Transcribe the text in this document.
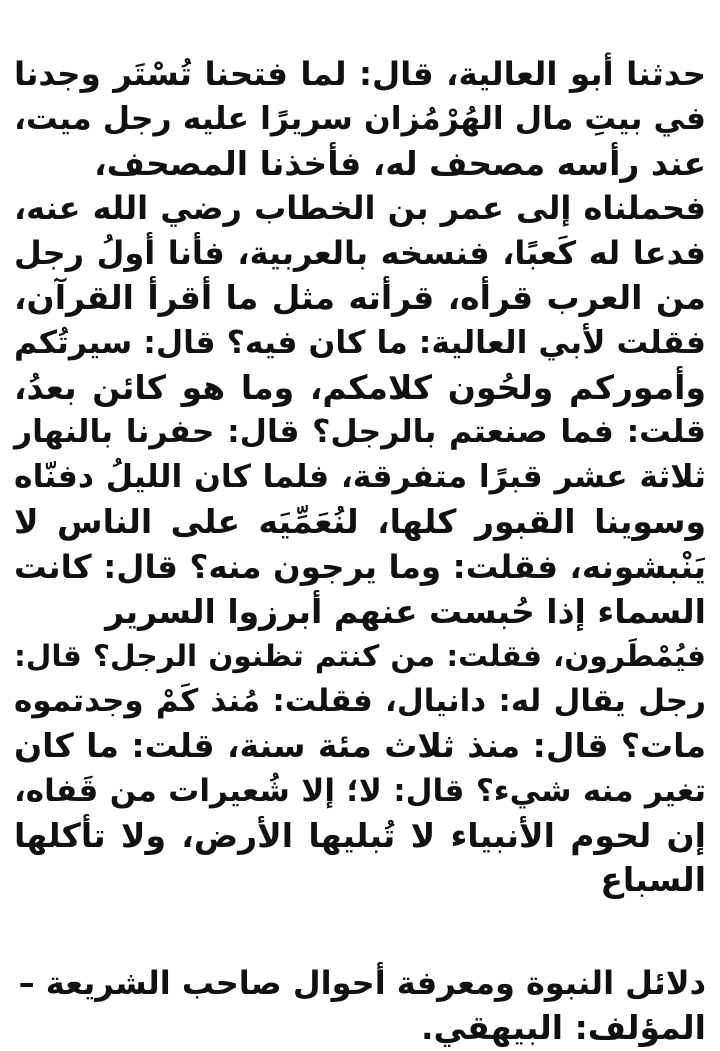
حدثنا أبو العالية، قال: لما فتحنا تُسْتَر وجدنا
في بيتِ مال الهُرْمُزان سريرًا عليه رجل ميت،
عند رأسه مصحف له، فأخذنا المصحف،
فحملناه إلى عمر بن الخطاب رضي الله عنه،
فدعا له كَعبًا، فنسخه بالعربية، فأنا أولُ رجل
من العرب قرأه، قرأته مثل ما أقرأ القرآن،
فقلت لأبي العالية: ما كان فيه؟ قال: سيرتُكم
وأموركم ولحُون كلامكم، وما هو كائن بعدُ،
قلت: فما صنعتم بالرجل؟ قال: حفرنا بالنهار
ثلاثة عشر قبرًا متفرقة، فلما كان الليلُ دفنّاه
وسوينا القبور كلها، لنُعَمِّيَه على الناس لا
يَنْبشونه، فقلت: وما يرجون منه؟ قال: كانت
السماء إذا حُبست عنهم أبرزوا السرير
فيُمْطَرون، فقلت: من كنتم تظنون الرجل؟ قال:
رجل يقال له: دانيال، فقلت: مُنذ كَمْ وجدتموه
مات؟ قال: منذ ثلاث مئة سنة، قلت: ما كان
تغير منه شيء؟ قال: لا؛ إلا شُعيرات من قَفاه،
إن لحوم الأنبياء لا تُبليها الأرض، ولا تأكلها
السباع
دلائل النبوة ومعرفة أحوال صاحب الشريعة –
المؤلف: البيهقي.
